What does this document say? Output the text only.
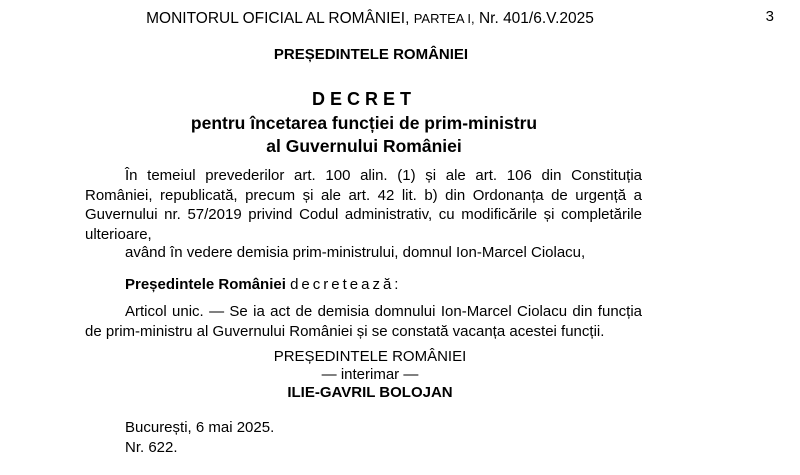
MONITORUL OFICIAL AL ROMÂNIEI, PARTEA I, Nr. 401/6.V.2025	3
PREȘEDINTELE ROMÂNIEI
DECRET
pentru încetarea funcției de prim-ministru
al Guvernului României
În temeiul prevederilor art. 100 alin. (1) și ale art. 106 din Constituția
României, republicată, precum și ale art. 42 lit. b) din Ordonanța de urgență a
Guvernului nr. 57/2019 privind Codul administrativ, cu modificările și completările
ulterioare,
având în vedere demisia prim-ministrului, domnul Ion-Marcel Ciolacu,
Președintele României decretează:
Articol unic. — Se ia act de demisia domnului Ion-Marcel Ciolacu din funcția
de prim-ministru al Guvernului României și se constată vacanța acestei funcții.
PREȘEDINTELE ROMÂNIEI
— interimar —
ILIE-GAVRIL BOLOJAN
București, 6 mai 2025.
Nr. 622.
